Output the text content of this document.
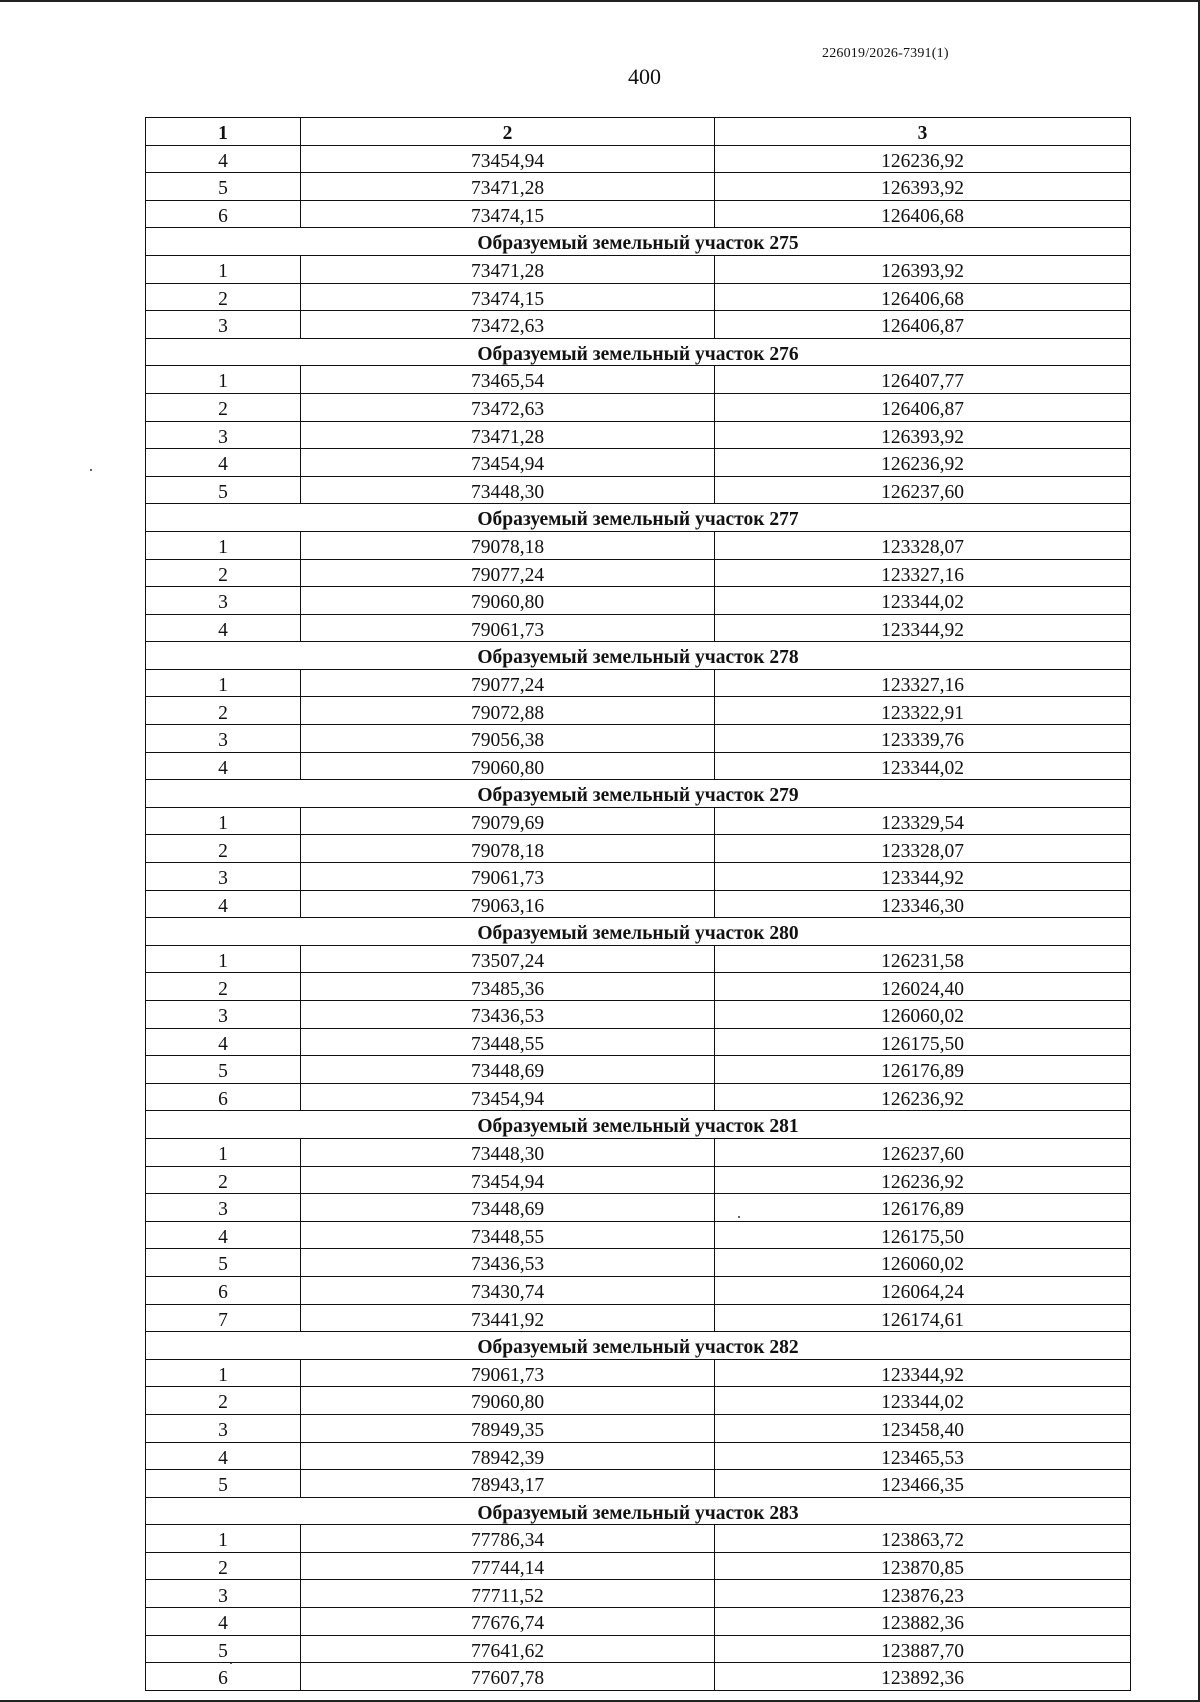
226019/2026-7391(1)
400
1	2	3
4	73454,94	126236,92
5	73471,28	126393,92
6	73474,15	126406,68
Образуемый земельный участок 275		
1	73471,28	126393,92
2	73474,15	126406,68
3	73472,63	126406,87
Образуемый земельный участок 276		
1	73465,54	126407,77
2	73472,63	126406,87
3	73471,28	126393,92
4	73454,94	126236,92
5	73448,30	126237,60
Образуемый земельный участок 277		
1	79078,18	123328,07
2	79077,24	123327,16
3	79060,80	123344,02
4	79061,73	123344,92
Образуемый земельный участок 278		
1	79077,24	123327,16
2	79072,88	123322,91
3	79056,38	123339,76
4	79060,80	123344,02
Образуемый земельный участок 279		
1	79079,69	123329,54
2	79078,18	123328,07
3	79061,73	123344,92
4	79063,16	123346,30
Образуемый земельный участок 280		
1	73507,24	126231,58
2	73485,36	126024,40
3	73436,53	126060,02
4	73448,55	126175,50
5	73448,69	126176,89
6	73454,94	126236,92
Образуемый земельный участок 281		
1	73448,30	126237,60
2	73454,94	126236,92
3	73448,69	126176,89
4	73448,55	126175,50
5	73436,53	126060,02
6	73430,74	126064,24
7	73441,92	126174,61
Образуемый земельный участок 282		
1	79061,73	123344,92
2	79060,80	123344,02
3	78949,35	123458,40
4	78942,39	123465,53
5	78943,17	123466,35
Образуемый земельный участок 283		
1	77786,34	123863,72
2	77744,14	123870,85
3	77711,52	123876,23
4	77676,74	123882,36
5	77641,62	123887,70
6	77607,78	123892,36
